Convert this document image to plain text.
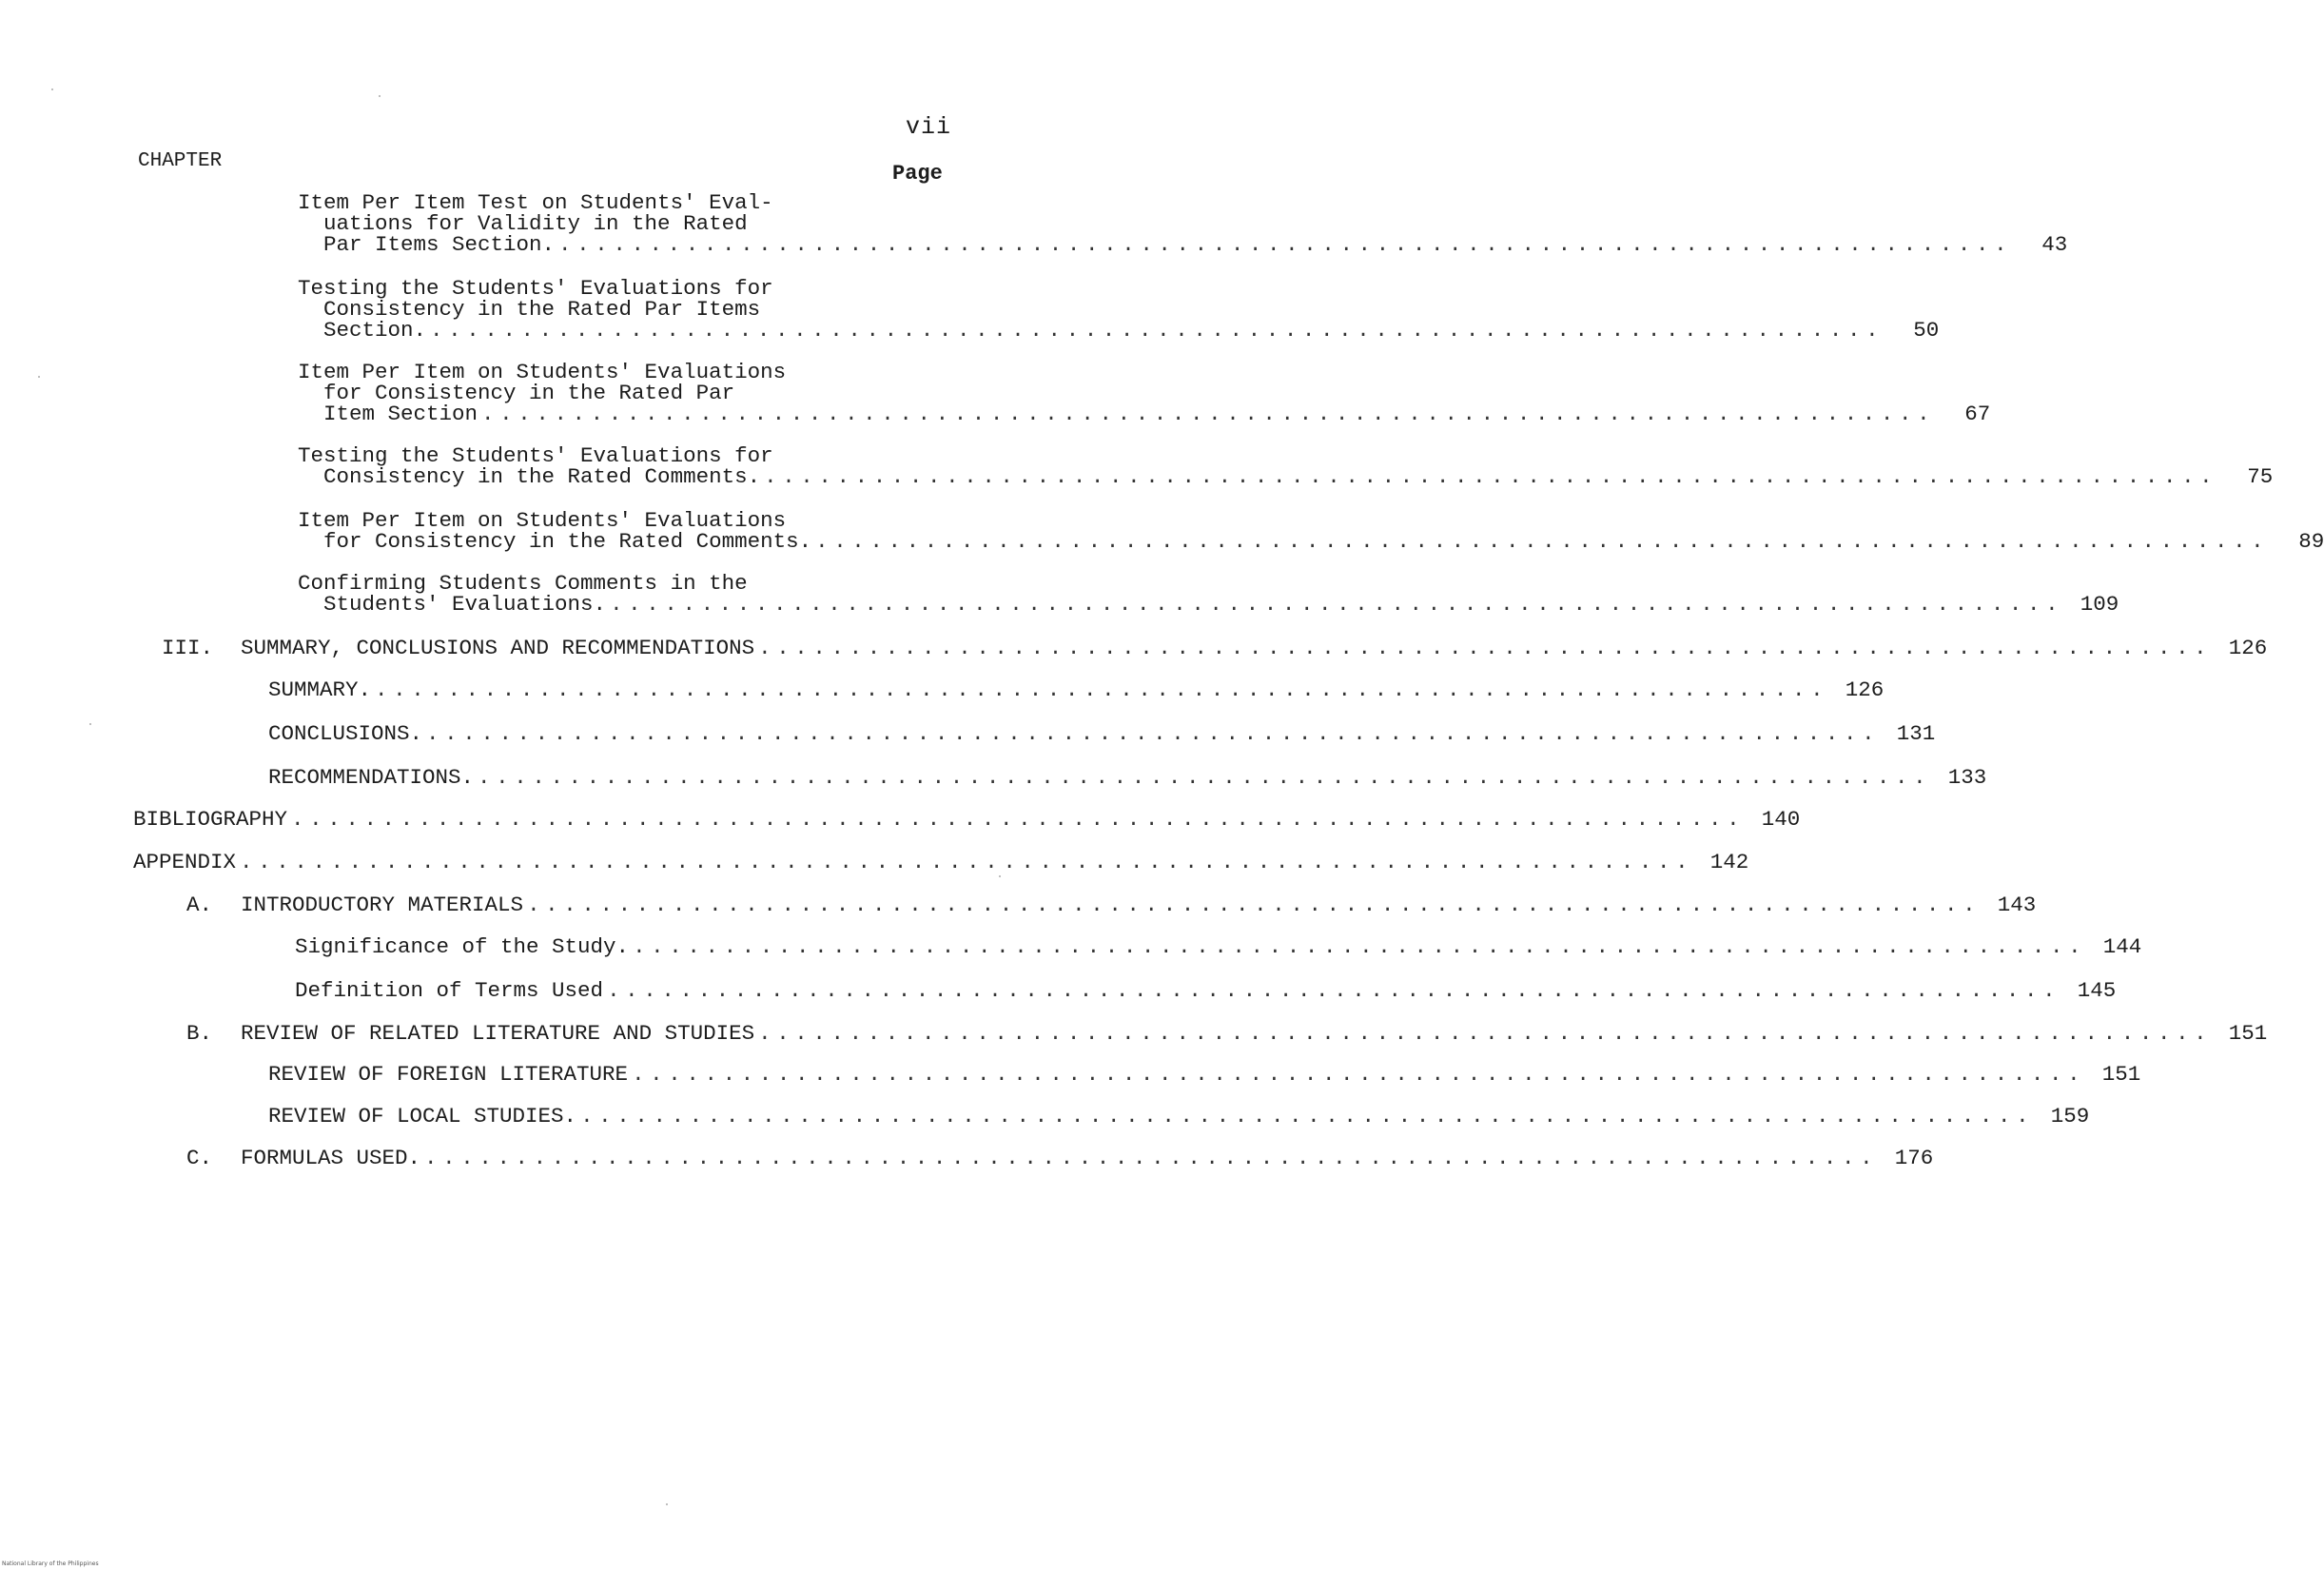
vii
CHAPTER
Page
Item Per Item Test on Students' Eval-
uations for Validity in the Rated
Par Items Section. ................................................................................	43
Testing the Students' Evaluations for
Consistency in the Rated Par Items
Section. ................................................................................	50
Item Per Item on Students' Evaluations
for Consistency in the Rated Par
Item Section ................................................................................	67
Testing the Students' Evaluations for
Consistency in the Rated Comments. ................................................................................	75
Item Per Item on Students' Evaluations
for Consistency in the Rated Comments. ................................................................................	89
Confirming Students Comments in the
Students' Evaluations. ................................................................................ 109
III. SUMMARY, CONCLUSIONS AND RECOMMENDATIONS ................................................................................ 126
SUMMARY. ................................................................................ 126
CONCLUSIONS. ................................................................................ 131
RECOMMENDATIONS. ................................................................................ 133
BIBLIOGRAPHY ................................................................................ 140
APPENDIX ................................................................................ 142
A. INTRODUCTORY MATERIALS ................................................................................ 143
Significance of the Study. ................................................................................ 144
Definition of Terms Used ................................................................................ 145
B. REVIEW OF RELATED LITERATURE AND STUDIES ................................................................................ 151
REVIEW OF FOREIGN LITERATURE ................................................................................ 151
REVIEW OF LOCAL STUDIES. ................................................................................ 159
C. FORMULAS USED. ................................................................................ 176
National Library of the Philippines
